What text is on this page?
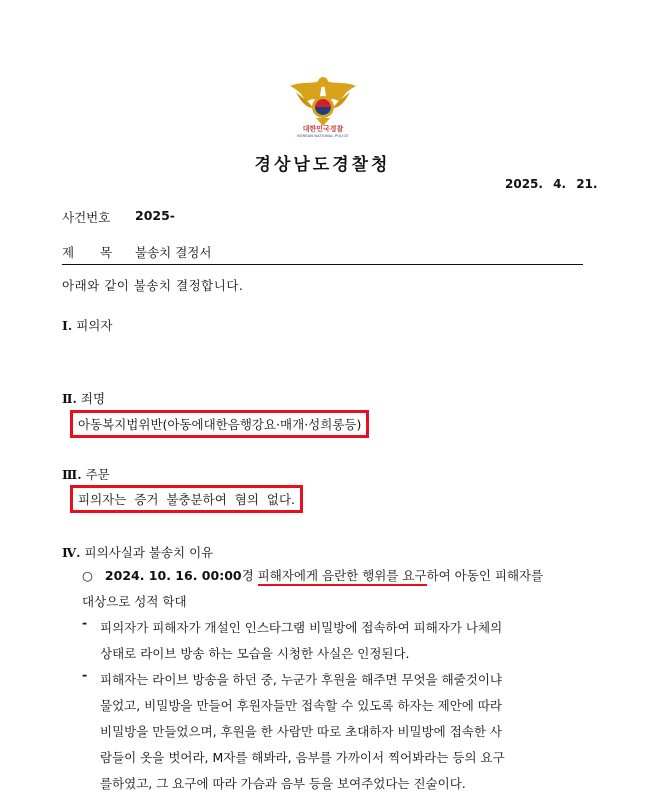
대한민국경찰
KOREAN NATIONAL POLICE
경상남도경찰청
2025. 4. 21.
사건번호 2025-
제 목 불송치 결정서
아래와 같이 불송치 결정합니다.
Ⅰ. 피의자
Ⅱ. 죄명
아동복지법위반(아동에대한음행강요·매개·성희롱등)
Ⅲ. 주문
피의자는 증거 불충분하여 혐의 없다.
Ⅳ. 피의사실과 불송치 이유
○ 2024. 10. 16. 00:00경 피해자에게 음란한 행위를 요구하여 아동인 피해자를
대상으로 성적 학대
- 피의자가 피해자가 개설인 인스타그램 비밀방에 접속하여 피해자가 나체의
상태로 라이브 방송 하는 모습을 시청한 사실은 인정된다.
- 피해자는 라이브 방송을 하던 중, 누군가 후원을 해주면 무엇을 해줄것이냐
물었고, 비밀방을 만들어 후원자들만 접속할 수 있도록 하자는 제안에 따라
비밀방을 만들었으며, 후원을 한 사람만 따로 초대하자 비밀방에 접속한 사
람들이 옷을 벗어라, M자를 해봐라, 음부를 가까이서 찍어봐라는 등의 요구
를하였고, 그 요구에 따라 가슴과 음부 등을 보여주었다는 진술이다.
